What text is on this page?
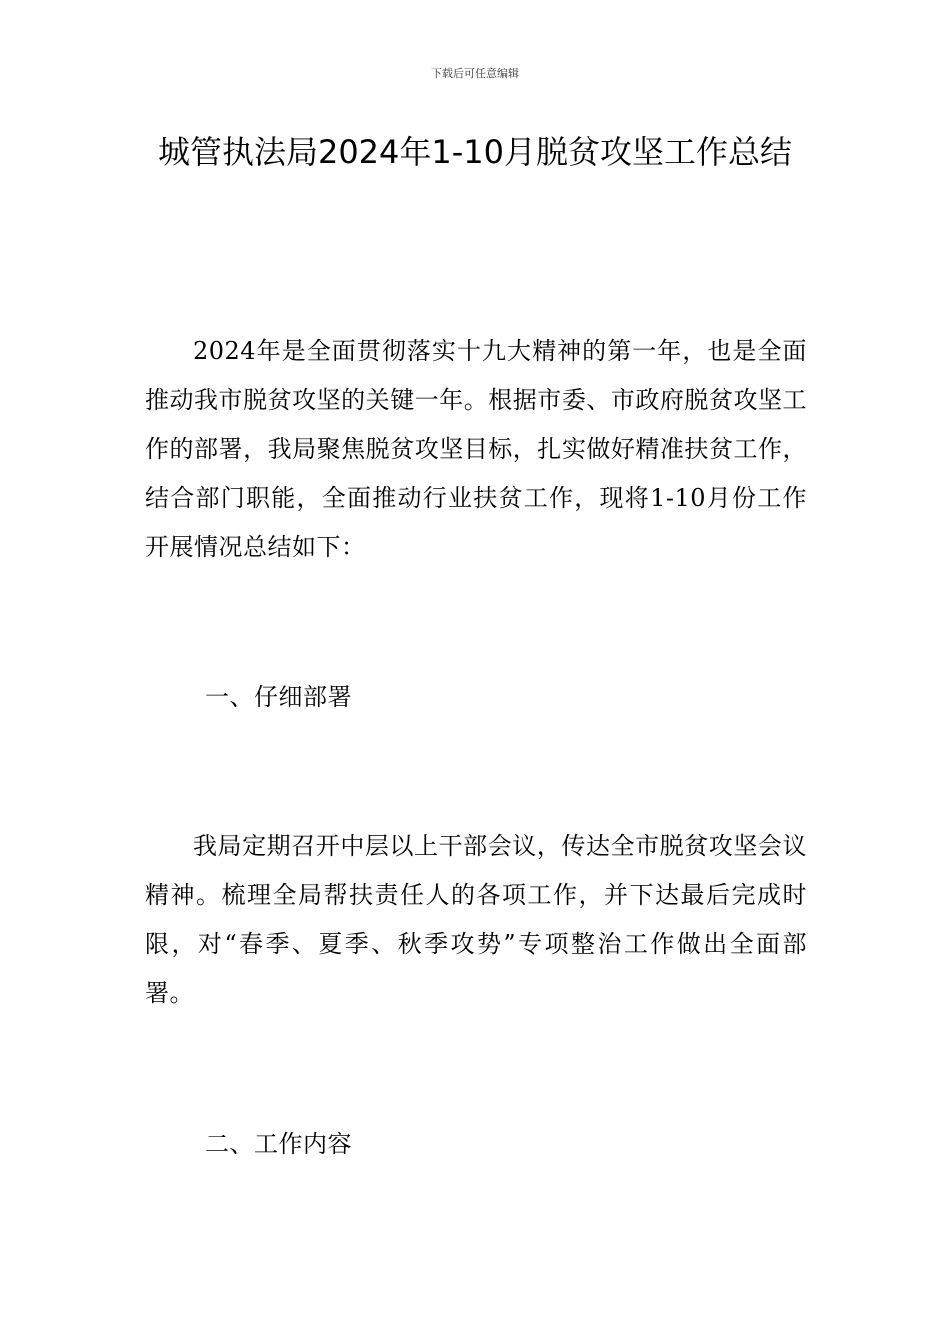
下载后可任意编辑
城管执法局2024年1-10月脱贫攻坚工作总结

2024年是全面贯彻落实十九大精神的第一年，也是全面推动我市脱贫攻坚的关键一年。根据市委、市政府脱贫攻坚工作的部署，我局聚焦脱贫攻坚目标，扎实做好精准扶贫工作，结合部门职能，全面推动行业扶贫工作，现将1-10月份工作开展情况总结如下：

一、仔细部署

我局定期召开中层以上干部会议，传达全市脱贫攻坚会议精神。梳理全局帮扶责任人的各项工作，并下达最后完成时限，对“春季、夏季、秋季攻势”专项整治工作做出全面部署。

二、工作内容
